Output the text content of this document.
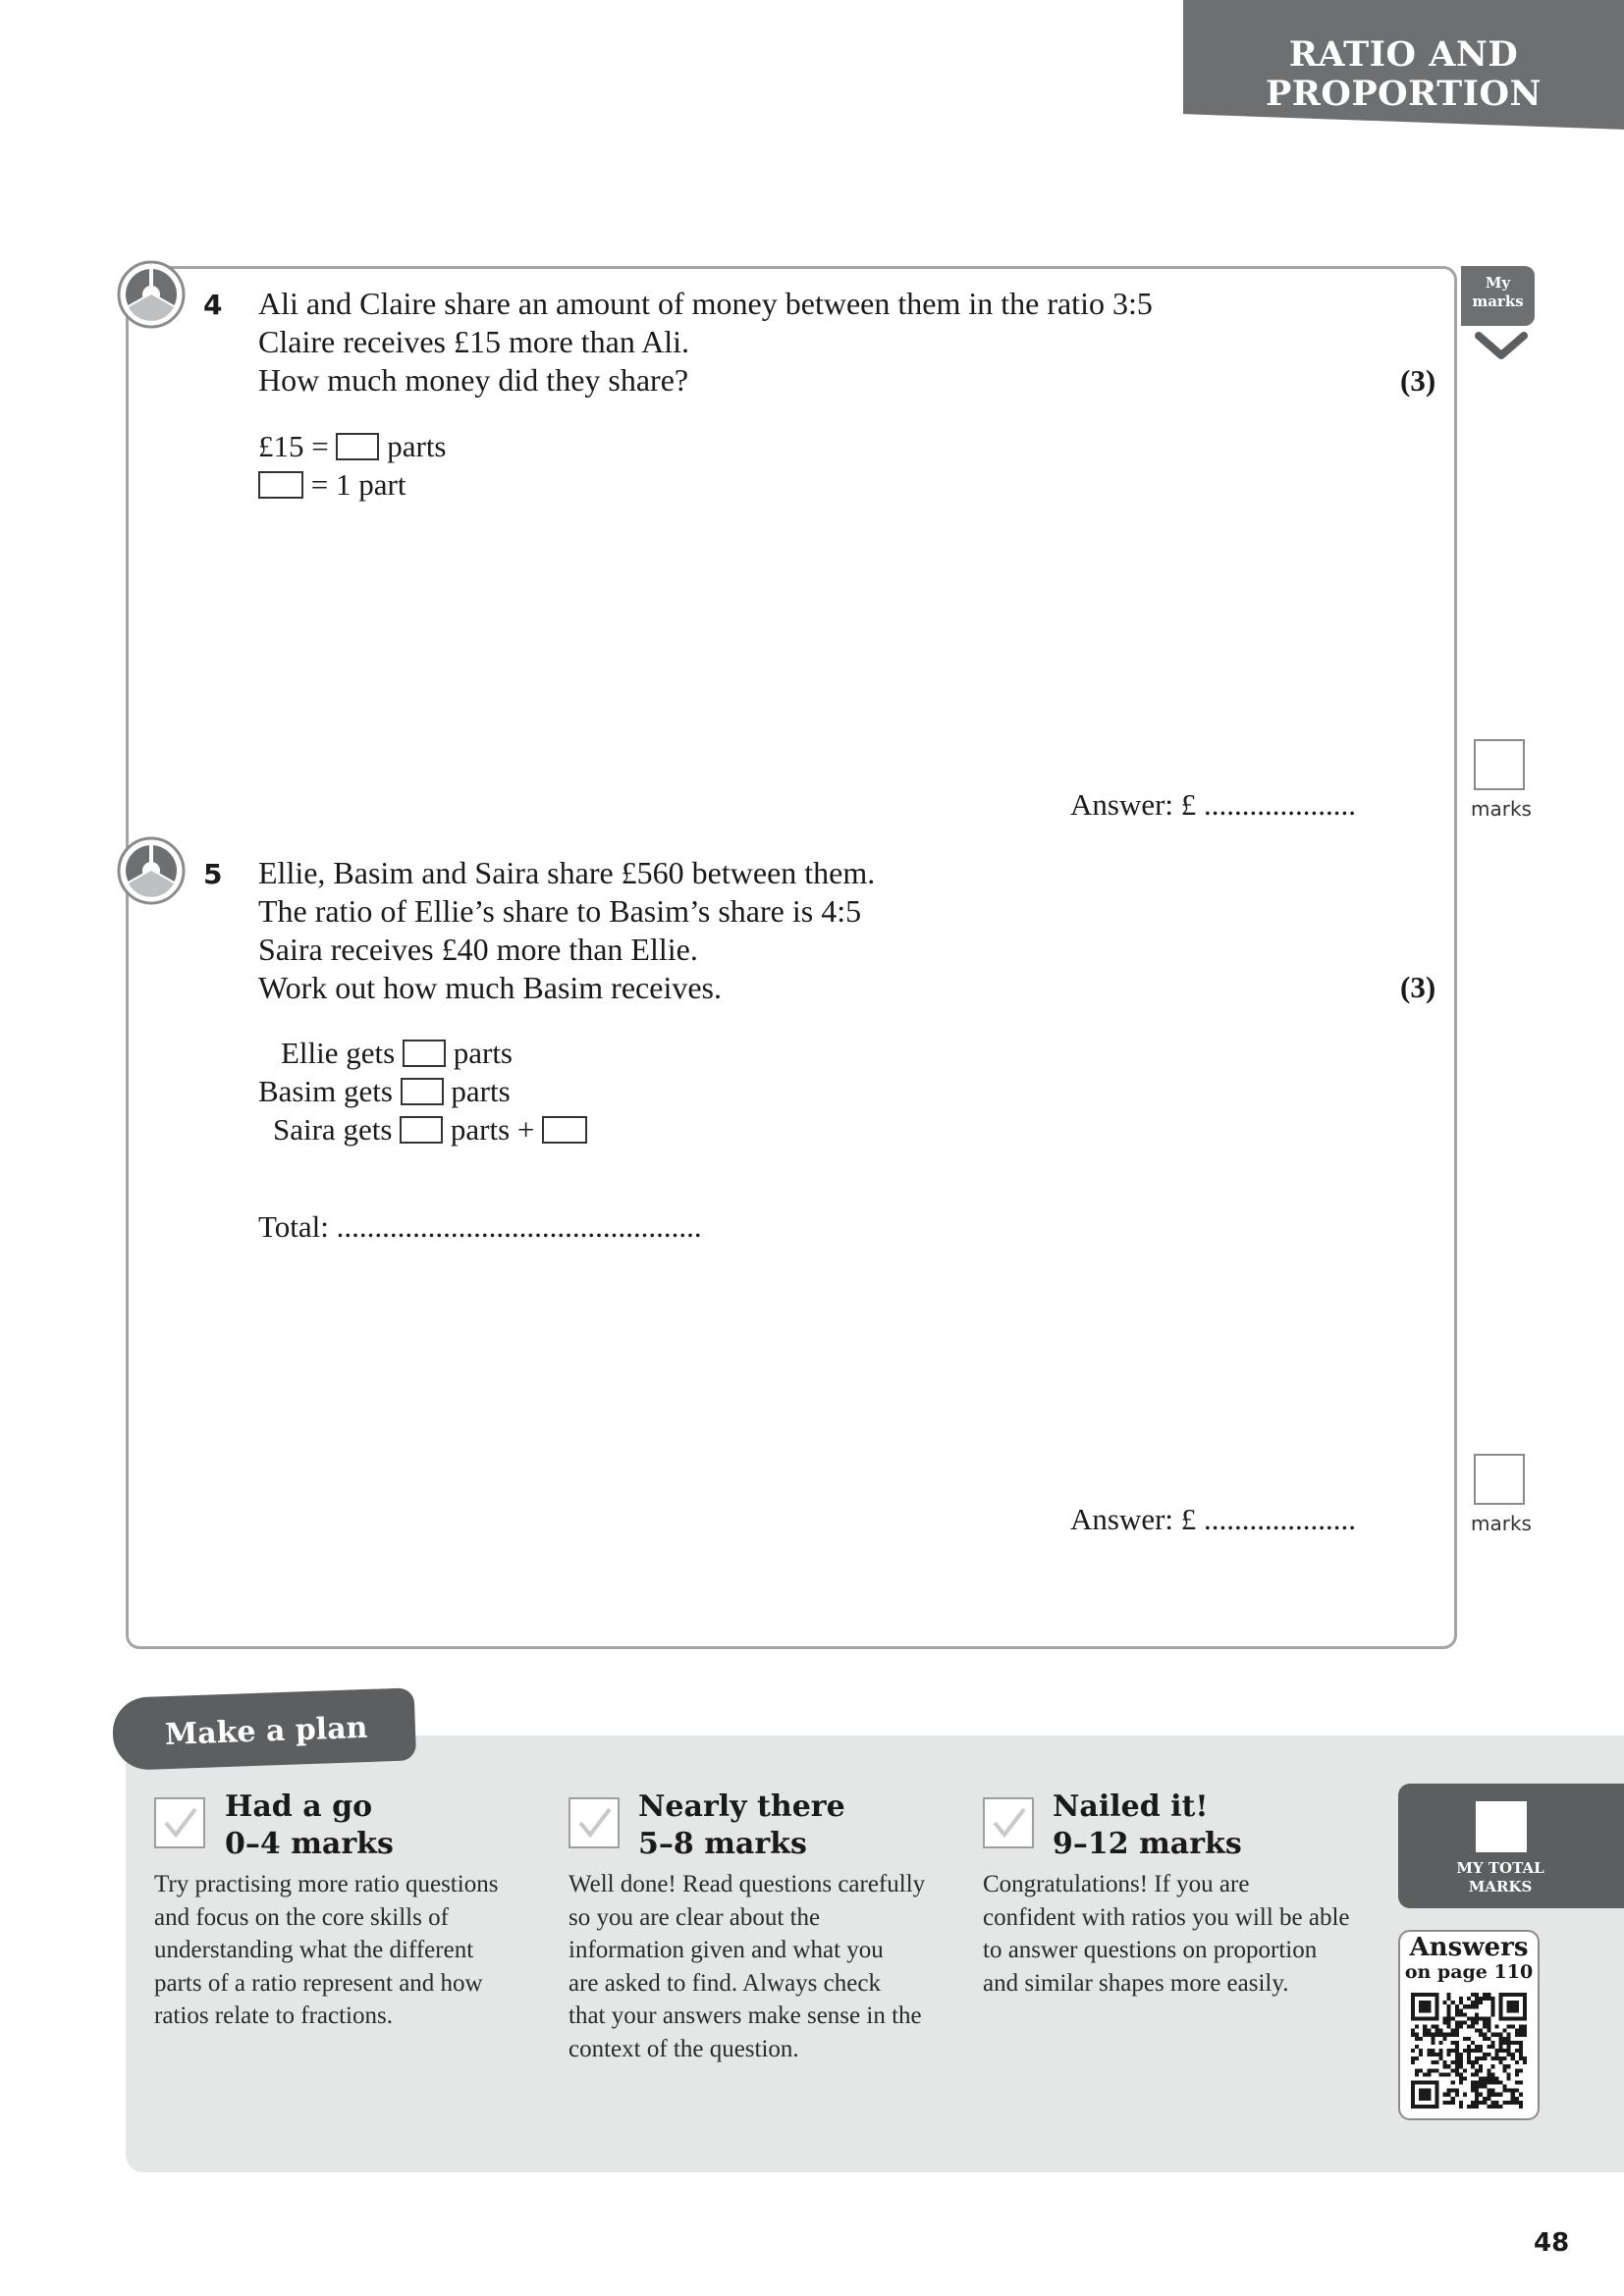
RATIO AND
PROPORTION
My
marks
4 Ali and Claire share an amount of money between them in the ratio 3:5
Claire receives £15 more than Ali.
How much money did they share?	(3)
£15 = parts
= 1 part
Answer: £ ....................	marks
5 Ellie, Basim and Saira share £560 between them.
The ratio of Ellie’s share to Basim’s share is 4:5
Saira receives £40 more than Ellie.
Work out how much Basim receives.	(3)
Ellie gets parts
Basim gets parts
Saira gets parts +
Total: ................................................
Answer: £ ....................	marks
Make a plan
Had a go
0–4 marks
Try practising more ratio questions
and focus on the core skills of
understanding what the different
parts of a ratio represent and how
ratios relate to fractions.
Nearly there
5–8 marks
Well done! Read questions carefully
so you are clear about the
information given and what you
are asked to find. Always check
that your answers make sense in the
context of the question.
Nailed it!
9–12 marks
Congratulations! If you are
confident with ratios you will be able
to answer questions on proportion
and similar shapes more easily.
MY TOTAL
MARKS
Answers
on page 110
48
